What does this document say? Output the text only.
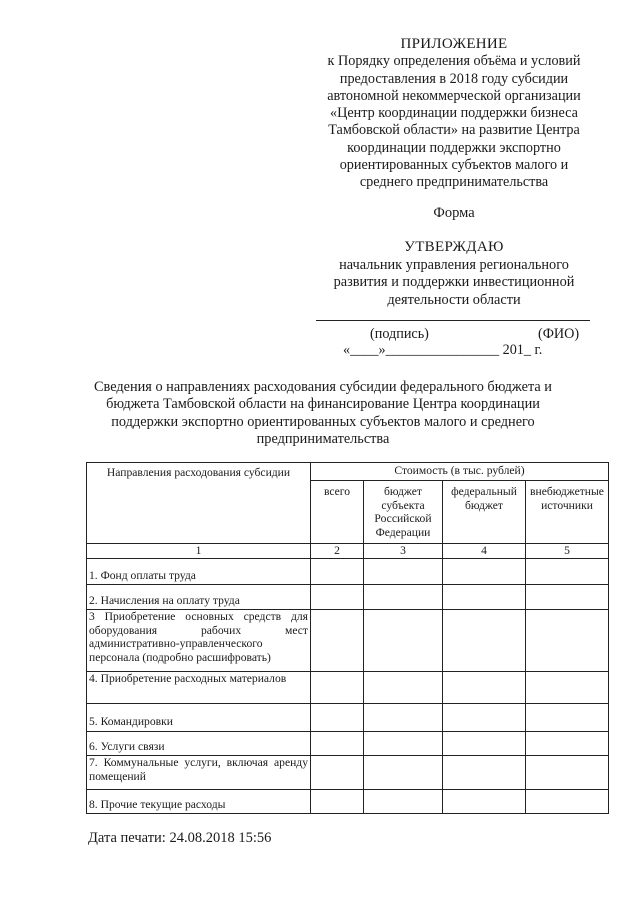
ПРИЛОЖЕНИЕ
к Порядку определения объёма и условий
предоставления в 2018 году субсидии
автономной некоммерческой организации
«Центр координации поддержки бизнеса
Тамбовской области» на развитие Центра
координации поддержки экспортно
ориентированных субъектов малого и
среднего предпринимательства
Форма
УТВЕРЖДАЮ
начальник управления регионального
развития и поддержки инвестиционной
деятельности области
(подпись)	(ФИО)
«____»________________ 201_ г.
Сведения о направлениях расходования субсидии федерального бюджета и
бюджета Тамбовской области на финансирование Центра координации
поддержки экспортно ориентированных субъектов малого и среднего
предпринимательства
Направления расходования субсидии	Стоимость (в тыс. рублей)			
	всего	бюджет субъекта Российской Федерации	федеральный бюджет	внебюджетные источники
1	2	3	4	5
1. Фонд оплаты труда				
2. Начисления на оплату труда				
3 Приобретение основных средств для оборудования рабочих мест административно-управленческого персонала (подробно расшифровать)				
4. Приобретение расходных материалов				
5. Командировки				
6. Услуги связи				
7. Коммунальные услуги, включая аренду помещений				
8. Прочие текущие расходы				
Дата печати: 24.08.2018 15:56
